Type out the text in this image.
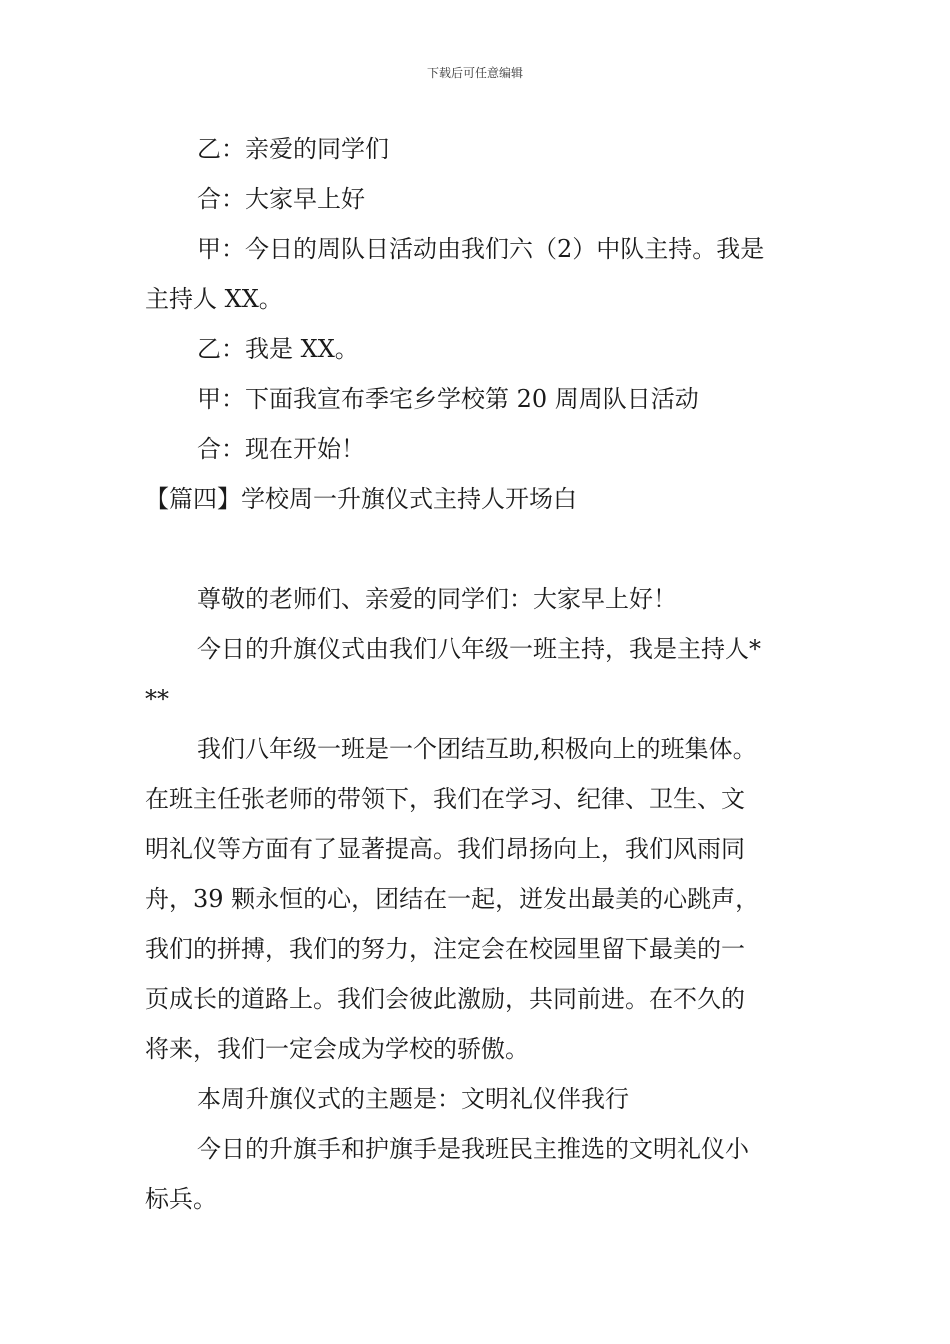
下载后可任意编辑
乙：亲爱的同学们
合：大家早上好
甲：今日的周队日活动由我们六（2）中队主持。我是
主持人 XX。
乙：我是 XX。
甲：下面我宣布季宅乡学校第 20 周周队日活动
合：现在开始！
【篇四】学校周一升旗仪式主持人开场白
尊敬的老师们、亲爱的同学们：大家早上好！
今日的升旗仪式由我们八年级一班主持，我是主持人*
**
我们八年级一班是一个团结互助,积极向上的班集体。
在班主任张老师的带领下，我们在学习、纪律、卫生、文
明礼仪等方面有了显著提高。我们昂扬向上，我们风雨同
舟，39 颗永恒的心，团结在一起，迸发出最美的心跳声，
我们的拼搏，我们的努力，注定会在校园里留下最美的一
页成长的道路上。我们会彼此激励，共同前进。在不久的
将来，我们一定会成为学校的骄傲。
本周升旗仪式的主题是：文明礼仪伴我行
今日的升旗手和护旗手是我班民主推选的文明礼仪小
标兵。
